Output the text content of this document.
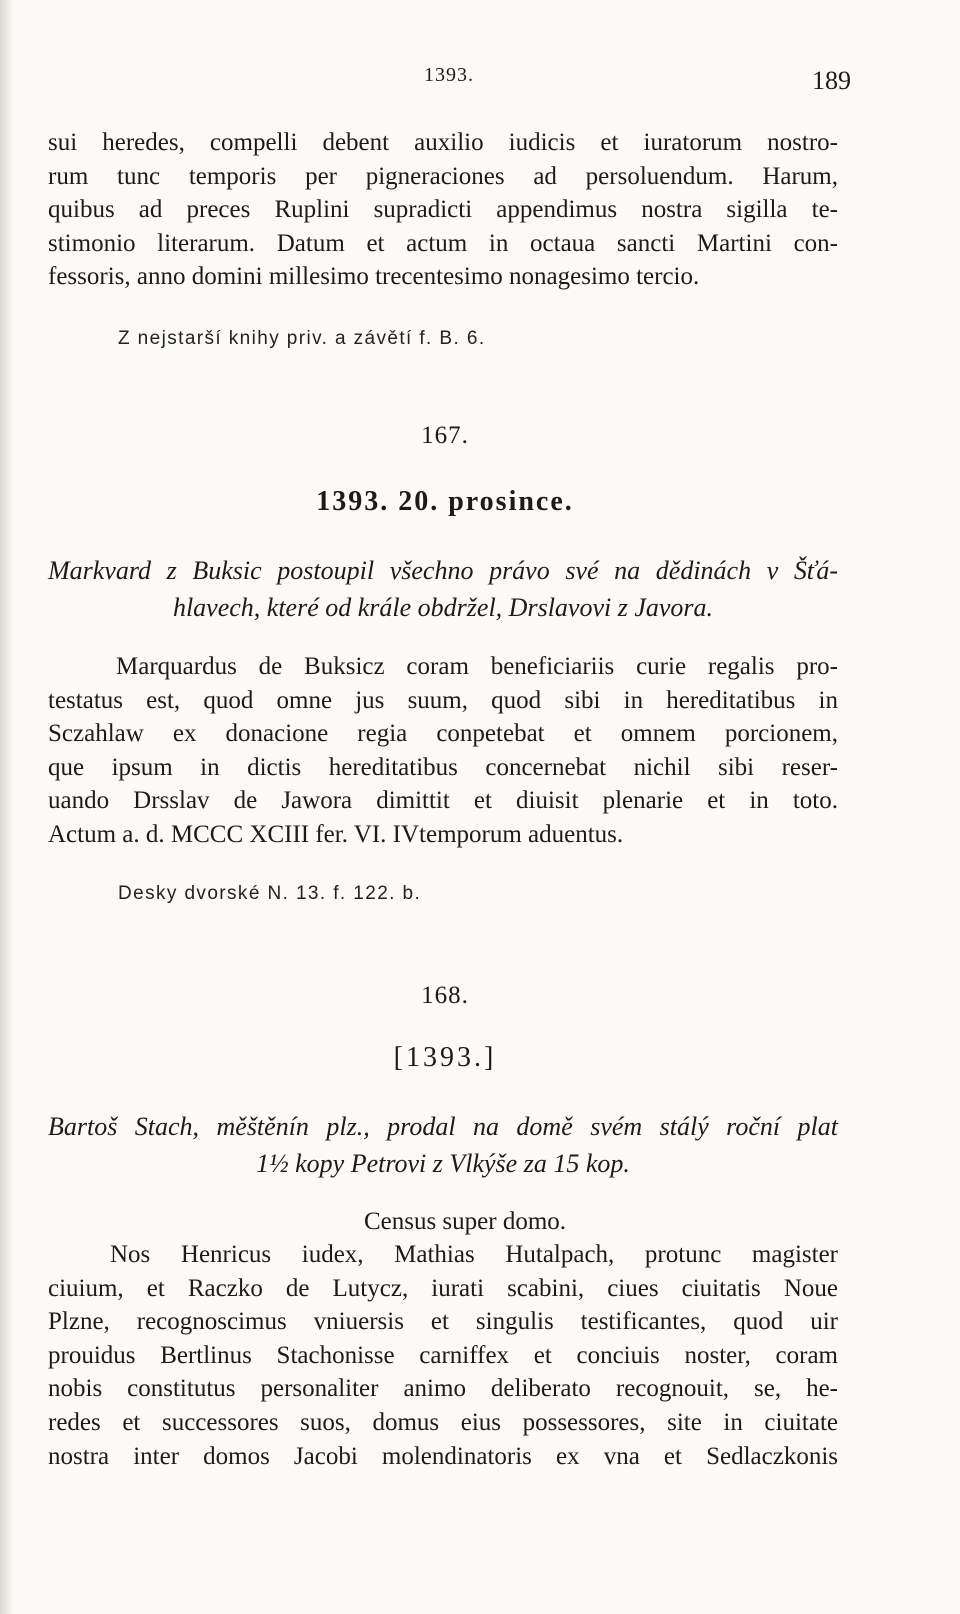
1393.	189
sui heredes, compelli debent auxilio iudicis et iuratorum nostro-
rum tunc temporis per pigneraciones ad persoluendum. Harum,
quibus ad preces Ruplini supradicti appendimus nostra sigilla te-
stimonio literarum. Datum et actum in octaua sancti Martini con-
fessoris, anno domini millesimo trecentesimo nonagesimo tercio.
Z nejstarší knihy priv. a závětí f. B. 6.
167.
1393. 20. prosince.
Markvard z Buksic postoupil všechno právo své na dědinách v Šťá-
hlavech, které od krále obdržel, Drslavovi z Javora.
Marquardus de Buksicz coram beneficiariis curie regalis pro-
testatus est, quod omne jus suum, quod sibi in hereditatibus in
Sczahlaw ex donacione regia conpetebat et omnem porcionem,
que ipsum in dictis hereditatibus concernebat nichil sibi reser-
uando Drsslav de Jawora dimittit et diuisit plenarie et in toto.
Actum a. d. MCCC XCIII fer. VI. IVtemporum aduentus.
Desky dvorské N. 13. f. 122. b.
168.
[1393.]
Bartoš Stach, měštěnín plz., prodal na domě svém stálý roční plat
1½ kopy Petrovi z Vlkýše za 15 kop.
Census super domo.
Nos Henricus iudex, Mathias Hutalpach, protunc magister
ciuium, et Raczko de Lutycz, iurati scabini, ciues ciuitatis Noue
Plzne, recognoscimus vniuersis et singulis testificantes, quod uir
prouidus Bertlinus Stachonisse carniffex et conciuis noster, coram
nobis constitutus personaliter animo deliberato recognouit, se, he-
redes et successores suos, domus eius possessores, site in ciuitate
nostra inter domos Jacobi molendinatoris ex vna et Sedlaczkonis
